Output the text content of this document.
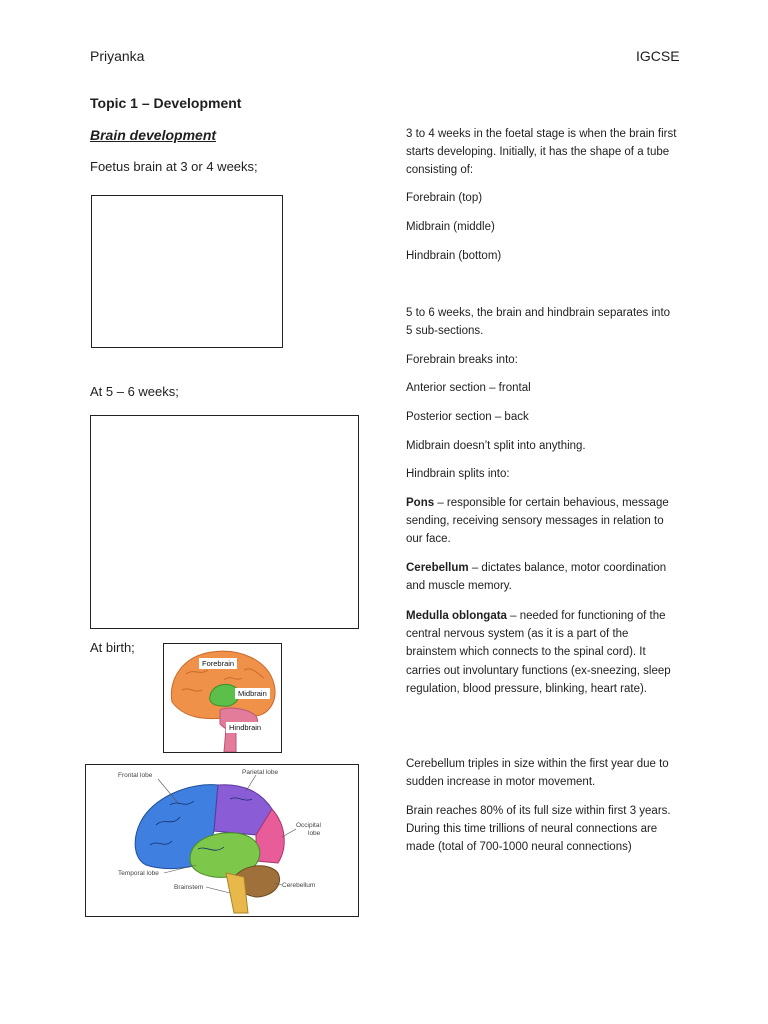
Priyanka	IGCSE
Topic 1 – Development
Brain development
Foetus brain at 3 or 4 weeks;
At 5 – 6 weeks;
At birth;
Forebrain
Midbrain
Hindbrain
Frontal lobe	Parietal lobe
Occipital
lobe
Temporal lobe
Brainstem	Cerebellum

3 to 4 weeks in the foetal stage is when the brain first starts developing. Initially, it has the shape of a tube consisting of:

Forebrain (top)

Midbrain (middle)

Hindbrain (bottom)

5 to 6 weeks, the brain and hindbrain separates into 5 sub-sections.

Forebrain breaks into:

Anterior section – frontal

Posterior section – back

Midbrain doesn’t split into anything.

Hindbrain splits into:

Pons – responsible for certain behavious, message sending, receiving sensory messages in relation to our face.

Cerebellum – dictates balance, motor coordination and muscle memory.

Medulla oblongata – needed for functioning of the central nervous system (as it is a part of the brainstem which connects to the spinal cord). It carries out involuntary functions (ex-sneezing, sleep regulation, blood pressure, blinking, heart rate).

Cerebellum triples in size within the first year due to sudden increase in motor movement.

Brain reaches 80% of its full size within first 3 years. During this time trillions of neural connections are made (total of 700-1000 neural connections)
